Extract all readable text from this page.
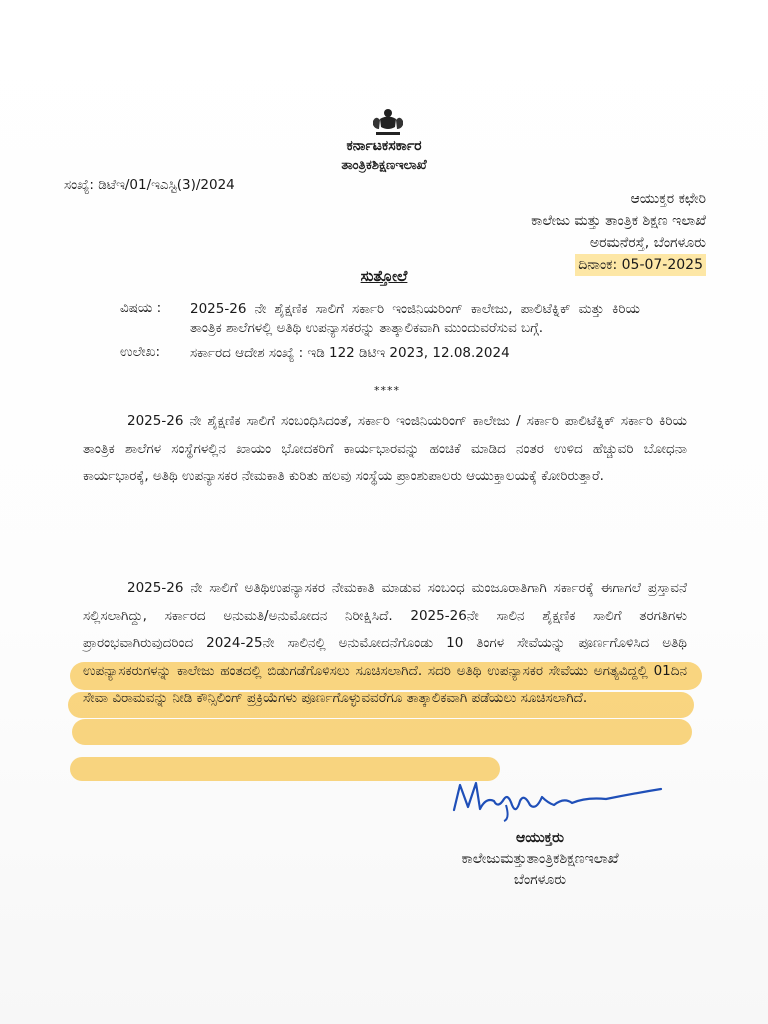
ಕರ್ನಾಟಕಸರ್ಕಾರ
ತಾಂತ್ರಿಕಶಿಕ್ಷಣಇಲಾಖೆ
ಸಂಖ್ಯೆ: ಡಿಟೆಇ/01/ಇಎಸ್ಟಿ(3)/2024
ಆಯುಕ್ತರ ಕಛೇರಿ
ಕಾಲೇಜು ಮತ್ತು ತಾಂತ್ರಿಕ ಶಿಕ್ಷಣ ಇಲಾಖೆ
ಅರಮನೆರಸ್ತೆ, ಬೆಂಗಳೂರು
ದಿನಾಂಕ: 05-07-2025
ಸುತ್ತೋಲೆ
ವಿಷಯ :	2025-26 ನೇ ಶೈಕ್ಷಣಿಕ ಸಾಲಿಗೆ ಸರ್ಕಾರಿ ಇಂಜಿನಿಯರಿಂಗ್ ಕಾಲೇಜು, ಪಾಲಿಟೆಕ್ನಿಕ್ ಮತ್ತು ಕಿರಿಯ ತಾಂತ್ರಿಕ ಶಾಲೆಗಳಲ್ಲಿ ಅತಿಥಿ ಉಪನ್ಯಾಸಕರನ್ನು ತಾತ್ಕಾಲಿಕವಾಗಿ ಮುಂದುವರೆಸುವ ಬಗ್ಗೆ.
ಉಲೇಖ:	ಸರ್ಕಾರದ ಆದೇಶ ಸಂಖ್ಯೆ : ಇಡಿ 122 ಡಿಟಿಇ 2023, 12.08.2024
****
2025-26 ನೇ ಶೈಕ್ಷಣಿಕ ಸಾಲಿಗೆ ಸಂಬಂಧಿಸಿದಂತೆ, ಸರ್ಕಾರಿ ಇಂಜಿನಿಯರಿಂಗ್ ಕಾಲೇಜು / ಸರ್ಕಾರಿ ಪಾಲಿಟೆಕ್ನಿಕ್ ಸರ್ಕಾರಿ ಕಿರಿಯ ತಾಂತ್ರಿಕ ಶಾಲೆಗಳ ಸಂಸ್ಥೆಗಳಲ್ಲಿನ ಖಾಯಂ ಭೋದಕರಿಗೆ ಕಾರ್ಯಭಾರವನ್ನು ಹಂಚಿಕೆ ಮಾಡಿದ ನಂತರ ಉಳಿದ ಹೆಚ್ಚುವರಿ ಬೋಧನಾ ಕಾರ್ಯಭಾರಕ್ಕೆ, ಅತಿಥಿ ಉಪನ್ಯಾಸಕರ ನೇಮಕಾತಿ ಕುರಿತು ಹಲವು ಸಂಸ್ಥೆಯ ಪ್ರಾಂಶುಪಾಲರು ಆಯುಕ್ತಾಲಯಕ್ಕೆ ಕೋರಿರುತ್ತಾರೆ.
2025-26 ನೇ ಸಾಲಿಗೆ ಅತಿಥಿಉಪನ್ಯಾಸಕರ ನೇಮಕಾತಿ ಮಾಡುವ ಸಂಬಂಧ ಮಂಜೂರಾತಿಗಾಗಿ ಸರ್ಕಾರಕ್ಕೆ ಈಗಾಗಲೆ ಪ್ರಸ್ತಾವನೆ ಸಲ್ಲಿಸಲಾಗಿದ್ದು, ಸರ್ಕಾರದ ಅನುಮತಿ/ಅನುಮೋದನ ನಿರೀಕ್ಷಿಸಿದೆ. 2025-26ನೇ ಸಾಲಿನ ಶೈಕ್ಷಣಿಕ ಸಾಲಿಗೆ ತರಗತಿಗಳು ಪ್ರಾರಂಭವಾಗಿರುವುದರಿಂದ 2024-25ನೇ ಸಾಲಿನಲ್ಲಿ ಅನುಮೋದನೆಗೊಂಡು 10 ತಿಂಗಳ ಸೇವೆಯನ್ನು ಪೂರ್ಣಗೊಳಿಸಿದ ಅತಿಥಿ ಉಪನ್ಯಾಸಕರುಗಳನ್ನು ಕಾಲೇಜು ಹಂತದಲ್ಲಿ ಬಿಡುಗಡೆಗೊಳಿಸಲು ಸೂಚಿಸಲಾಗಿದೆ. ಸದರಿ ಅತಿಥಿ ಉಪನ್ಯಾಸಕರ ಸೇವೆಯು ಅಗತ್ಯವಿದ್ದಲ್ಲಿ 01ದಿನ ಸೇವಾ ವಿರಾಮವನ್ನು ನೀಡಿ ಕೌನ್ಸಿಲಿಂಗ್ ಪ್ರಕ್ರಿಯೆಗಳು ಪೂರ್ಣಗೊಳ್ಳುವವರೆಗೂ ತಾತ್ಕಾಲಿಕವಾಗಿ ಪಡೆಯಲು ಸೂಚಿಸಲಾಗಿದೆ.
ಆಯುಕ್ತರು
ಕಾಲೇಜುಮತ್ತುತಾಂತ್ರಿಕಶಿಕ್ಷಣಇಲಾಖೆ
ಬೆಂಗಳೂರು
